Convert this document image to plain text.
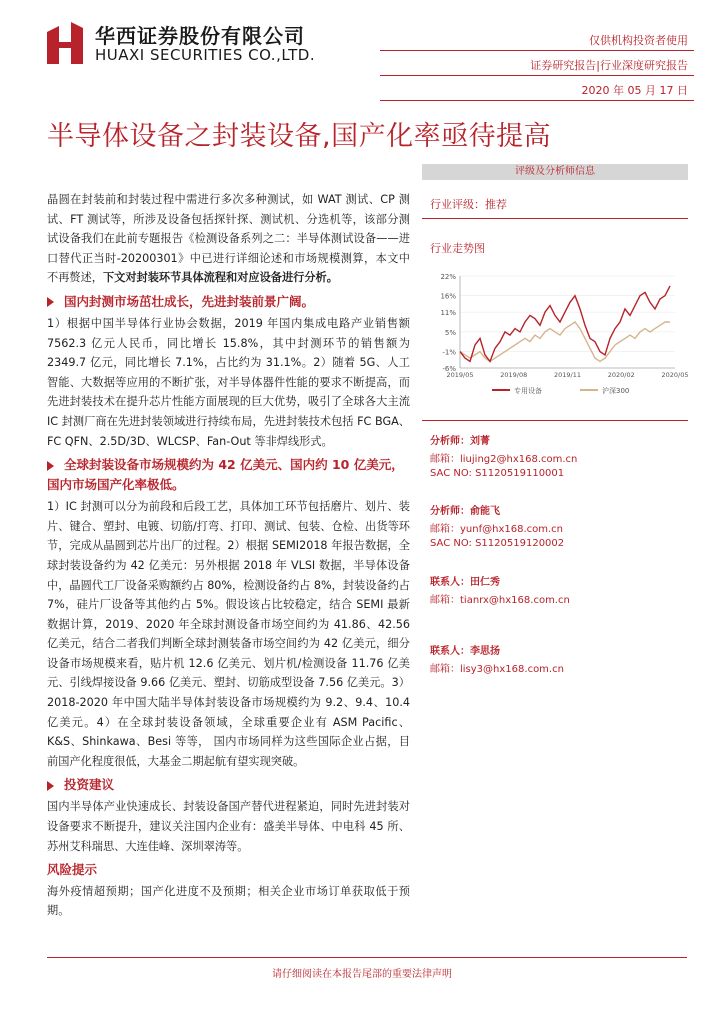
华西证券股份有限公司
HUAXI SECURITIES CO.,LTD.
仅供机构投资者使用
证券研究报告|行业深度研究报告
2020 年 05 月 17 日
半导体设备之封装设备,国产化率亟待提高

晶圆在封装前和封装过程中需进行多次多种测试，如 WAT 测试、CP 测试、FT 测试等，所涉及设备包括探针探、测试机、分选机等，该部分测试设备我们在此前专题报告《检测设备系列之二：半导体测试设备——进口替代正当时-20200301》中已进行详细论述和市场规模测算，本文中不再赘述，下文对封装环节具体流程和对应设备进行分析。

国内封测市场茁壮成长，先进封装前景广阔。

1）根据中国半导体行业协会数据，2019 年国内集成电路产业销售额 7562.3 亿元人民币，同比增长 15.8%，其中封测环节的销售额为 2349.7 亿元，同比增长 7.1%，占比约为 31.1%。2）随着 5G、人工智能、大数据等应用的不断扩张，对半导体器件性能的要求不断提高，而先进封装技术在提升芯片性能方面展现的巨大优势，吸引了全球各大主流 IC 封测厂商在先进封装领域进行持续布局，先进封装技术包括 FC BGA、FC QFN、2.5D/3D、WLCSP、Fan-Out 等非焊线形式。

全球封装设备市场规模约为 42 亿美元、国内约 10 亿美元，国内市场国产化率极低。

1）IC 封测可以分为前段和后段工艺，具体加工环节包括磨片、划片、装片、键合、塑封、电镀、切筋/打弯、打印、测试、包装、仓检、出货等环节，完成从晶圆到芯片出厂的过程。2）根据 SEMI2018 年报告数据，全球封装设备约为 42 亿美元：另外根据 2018 年 VLSI 数据，半导体设备中，晶圆代工厂设备采购额约占 80%，检测设备约占 8%，封装设备约占 7%，硅片厂设备等其他约占 5%。假设该占比较稳定，结合 SEMI 最新数据计算，2019、2020 年全球封测设备市场空间约为 41.86、42.56 亿美元，结合二者我们判断全球封测装备市场空间约为 42 亿美元，细分设备市场规模来看，贴片机 12.6 亿美元、划片机/检测设备 11.76 亿美元、引线焊接设备 9.66 亿美元、塑封、切筋成型设备 7.56 亿美元。3）2018-2020 年中国大陆半导体封装设备市场规模约为 9.2、9.4、10.4 亿美元。4）在全球封装设备领域，全球重要企业有 ASM Pacific、K&S、Shinkawa、Besi 等等， 国内市场同样为这些国际企业占据，目前国产化程度很低，大基金二期起航有望实现突破。

投资建议

国内半导体产业快速成长、封装设备国产替代进程紧迫，同时先进封装对设备要求不断提升，建议关注国内企业有：盛美半导体、中电科 45 所、苏州艾科瑞思、大连佳峰、深圳翠涛等。

风险提示

海外疫情超预期；国产化进度不及预期；相关企业市场订单获取低于预期。

评级及分析师信息
行业评级：推荐
行业走势图
22%
16%
11%
5%
-1%
-6%
2019/05	2019/08	2019/11	2020/02	2020/05
专用设备	沪深300
分析师：刘菁
邮箱：liujing2@hx168.com.cn
SAC NO: S1120519110001
分析师：俞能飞
邮箱：yunf@hx168.com.cn
SAC NO: S1120519120002
联系人：田仁秀
邮箱：tianrx@hx168.com.cn
联系人：李思扬
邮箱：lisy3@hx168.com.cn
请仔细阅读在本报告尾部的重要法律声明
